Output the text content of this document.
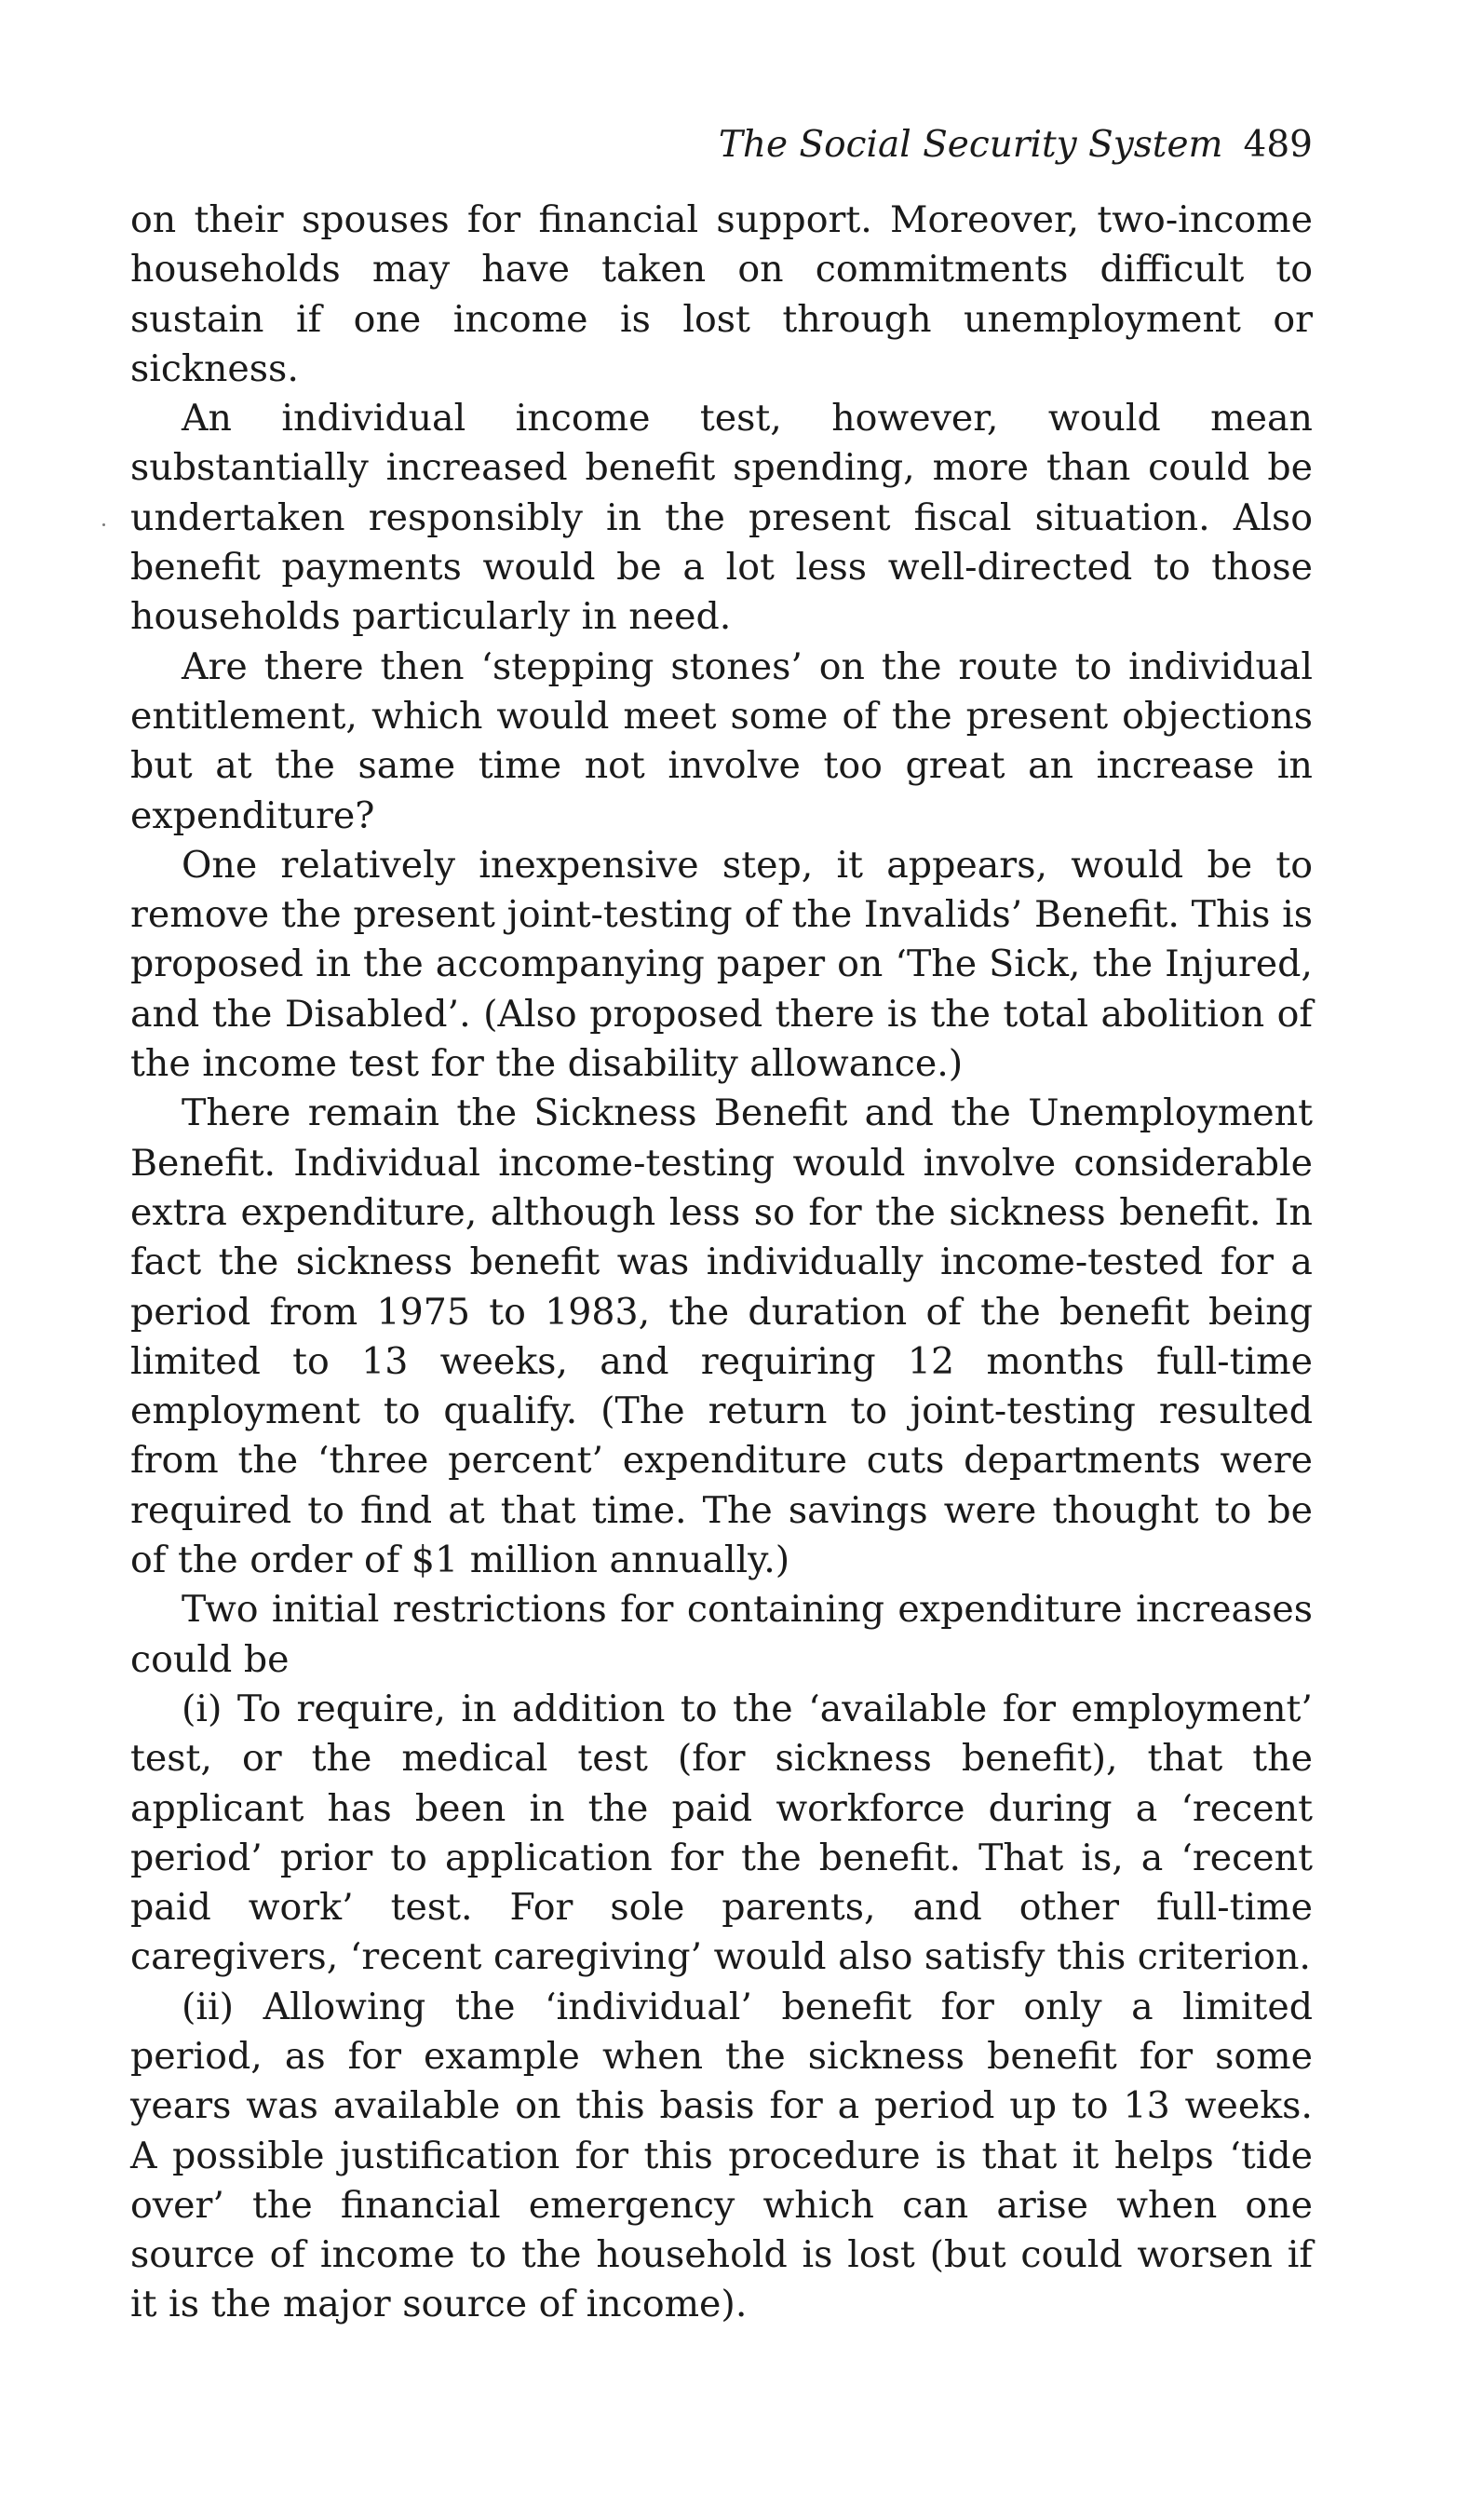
The Social Security System 489

on their spouses for financial support. Moreover, two-income households may have taken on commitments difficult to sustain if one income is lost through unemployment or sickness.

An individual income test, however, would mean substantially increased benefit spending, more than could be undertaken responsibly in the present fiscal situation. Also benefit payments would be a lot less well-directed to those households particularly in need.

Are there then ‘stepping stones’ on the route to individual entitlement, which would meet some of the present objections but at the same time not involve too great an increase in expenditure?

One relatively inexpensive step, it appears, would be to remove the present joint-testing of the Invalids’ Benefit. This is proposed in the accompanying paper on ‘The Sick, the Injured, and the Disabled’. (Also proposed there is the total abolition of the income test for the disability allowance.)

There remain the Sickness Benefit and the Unemployment Benefit. Individual income-testing would involve considerable extra expenditure, although less so for the sickness benefit. In fact the sickness benefit was individually income-tested for a period from 1975 to 1983, the duration of the benefit being limited to 13 weeks, and requiring 12 months full-time employment to qualify. (The return to joint-testing resulted from the ‘three percent’ expenditure cuts departments were required to find at that time. The savings were thought to be of the order of $1 million annually.)

Two initial restrictions for containing expenditure increases could be

(i) To require, in addition to the ‘available for employment’ test, or the medical test (for sickness benefit), that the applicant has been in the paid workforce during a ‘recent period’ prior to application for the benefit. That is, a ‘recent paid work’ test. For sole parents, and other full-time caregivers, ‘recent caregiving’ would also satisfy this criterion.

(ii) Allowing the ‘individual’ benefit for only a limited period, as for example when the sickness benefit for some years was available on this basis for a period up to 13 weeks. A possible justification for this procedure is that it helps ‘tide over’ the financial emergency which can arise when one source of income to the household is lost (but could worsen if it is the major source of income).
